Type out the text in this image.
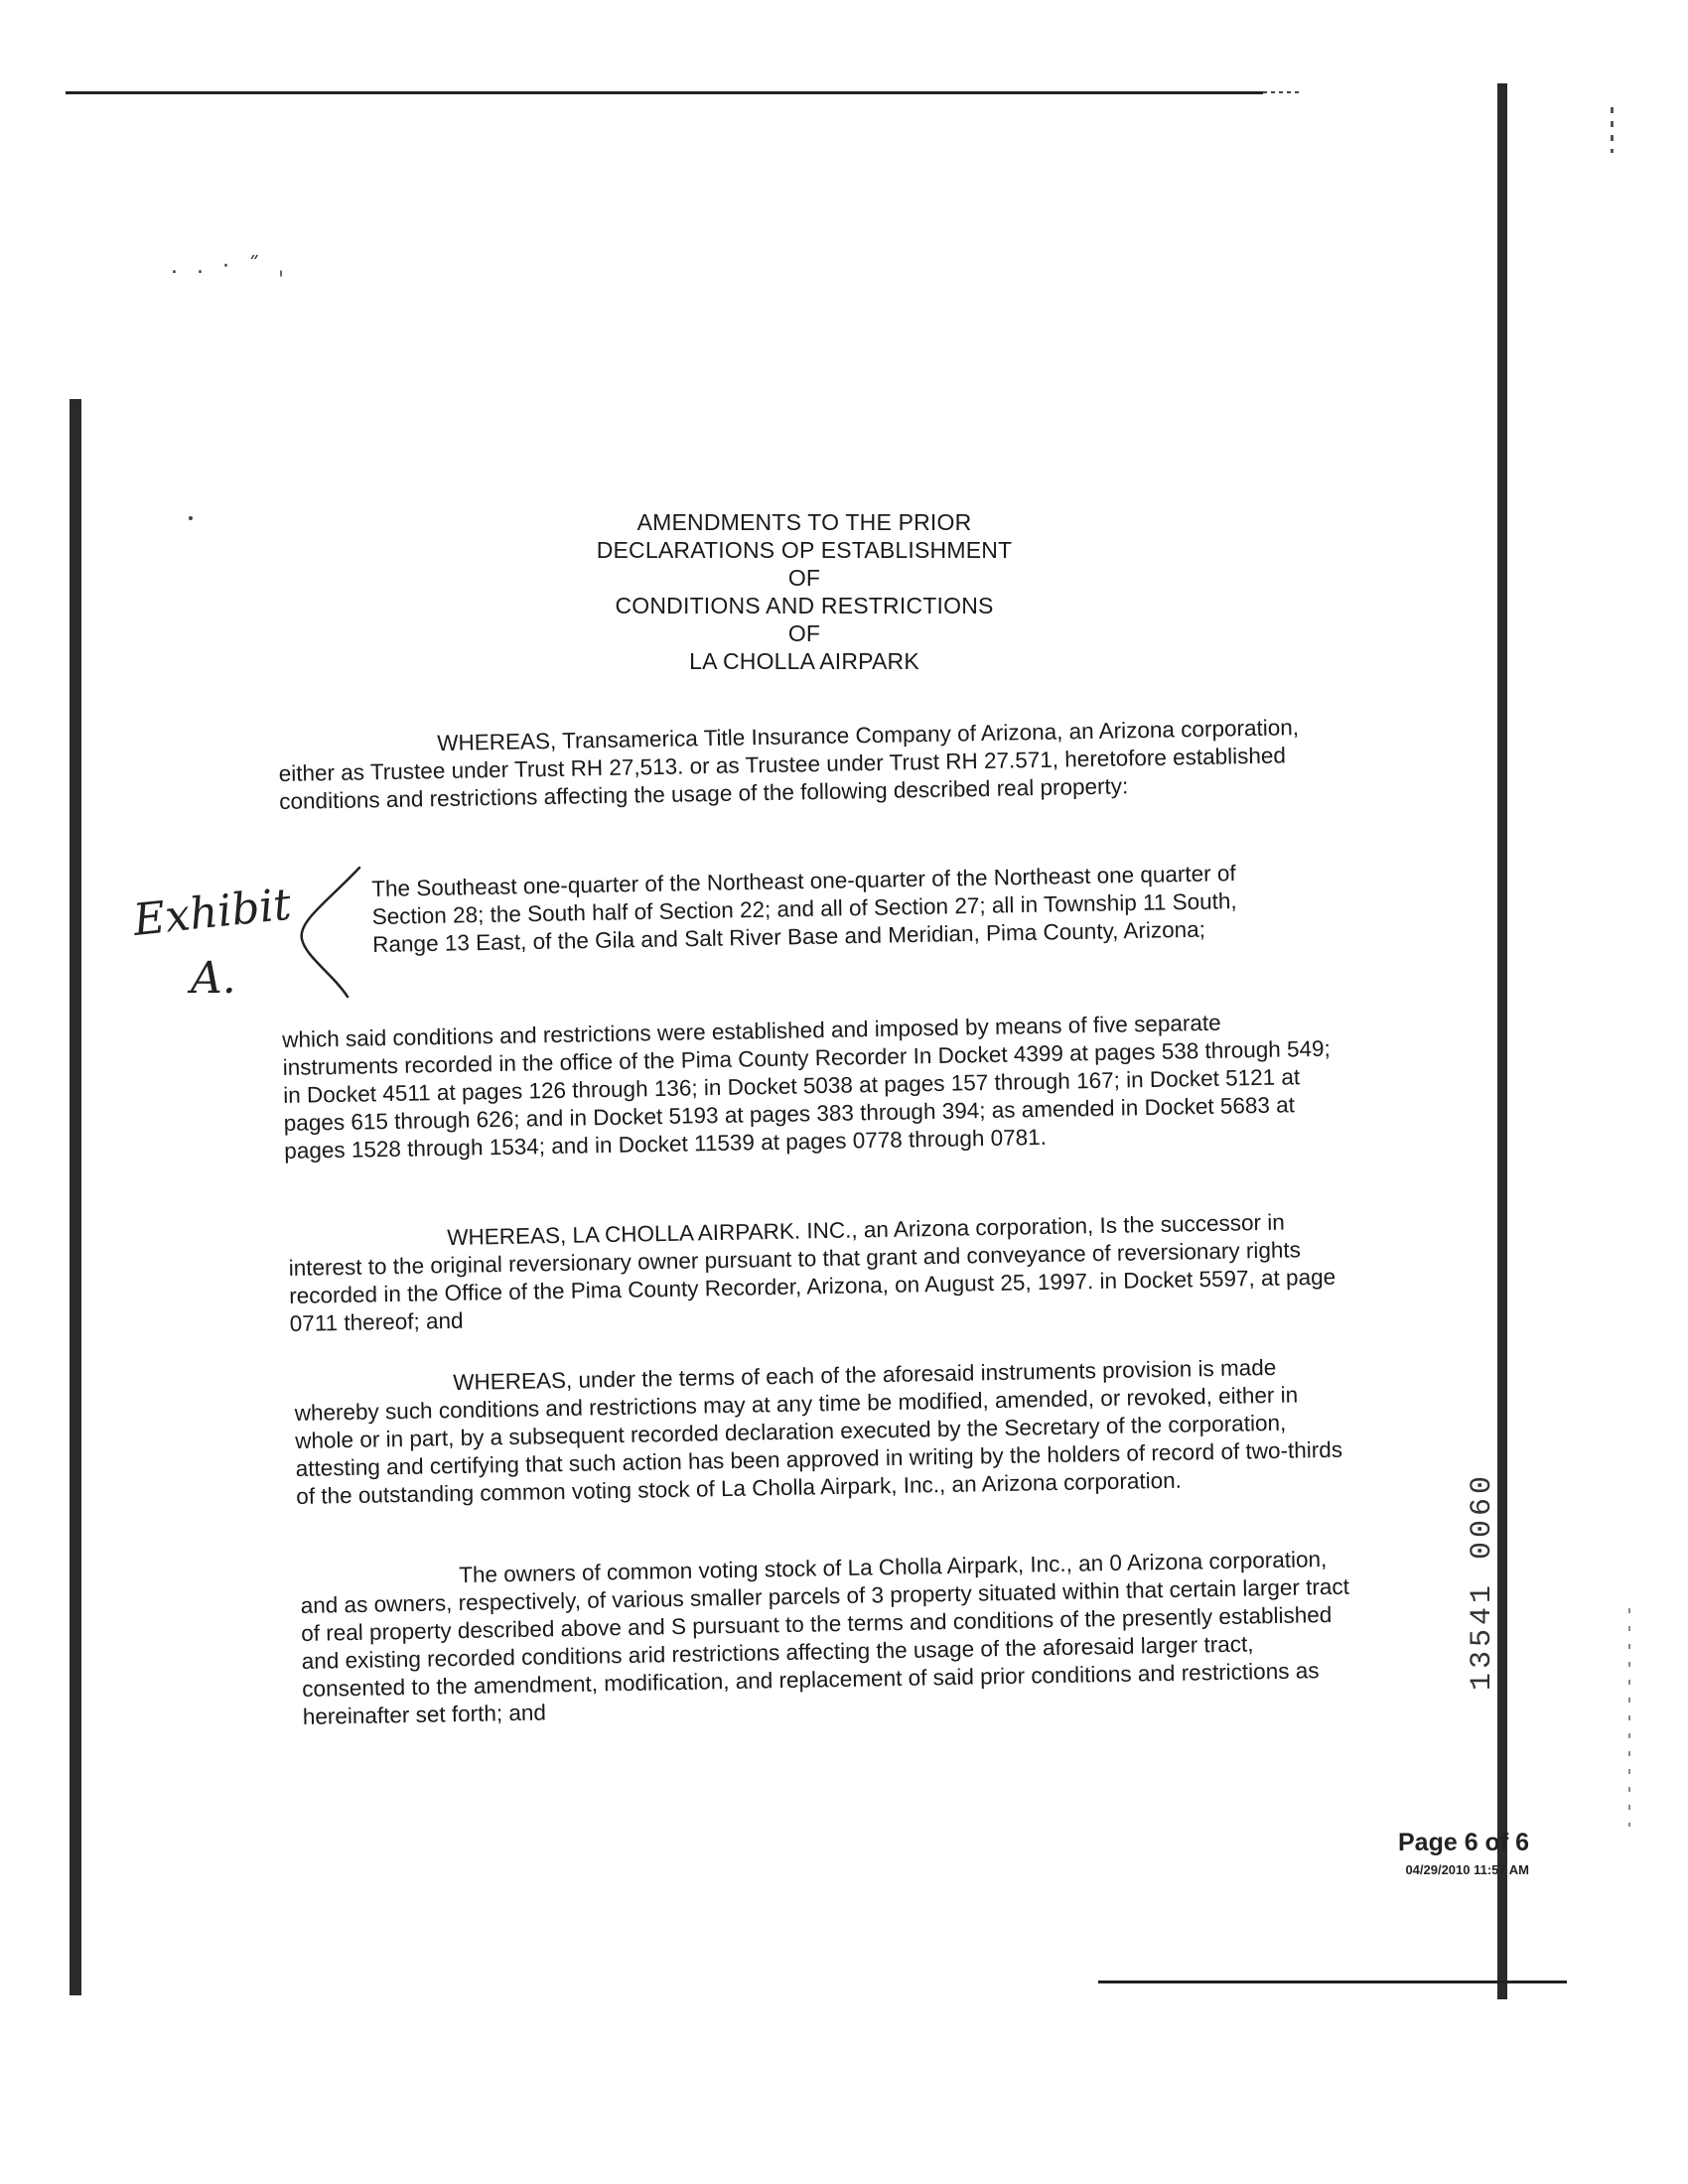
. . · ˝ ˌ
AMENDMENTS TO THE PRIOR
DECLARATIONS OP ESTABLISHMENT
OF
CONDITIONS AND RESTRICTIONS
OF
LA CHOLLA AIRPARK
WHEREAS, Transamerica Title Insurance Company of Arizona, an Arizona corporation, either as Trustee under Trust RH 27,513. or as Trustee under Trust RH 27.571, heretofore established conditions and restrictions affecting the usage of the following described real property:
Exhibit
A.
The Southeast one-quarter of the Northeast one-quarter of the Northeast one quarter of Section 28; the South half of Section 22; and all of Section 27; all in Township 11 South, Range 13 East, of the Gila and Salt River Base and Meridian, Pima County, Arizona;
which said conditions and restrictions were established and imposed by means of five separate instruments recorded in the office of the Pima County Recorder In Docket 4399 at pages 538 through 549; in Docket 4511 at pages 126 through 136; in Docket 5038 at pages 157 through 167; in Docket 5121 at pages 615 through 626; and in Docket 5193 at pages 383 through 394; as amended in Docket 5683 at pages 1528 through 1534; and in Docket 11539 at pages 0778 through 0781.
WHEREAS, LA CHOLLA AIRPARK. INC., an Arizona corporation, Is the successor in interest to the original reversionary owner pursuant to that grant and conveyance of reversionary rights recorded in the Office of the Pima County Recorder, Arizona, on August 25, 1997. in Docket 5597, at page 0711 thereof; and
WHEREAS, under the terms of each of the aforesaid instruments provision is made whereby such conditions and restrictions may at any time be modified, amended, or revoked, either in whole or in part, by a subsequent recorded declaration executed by the Secretary of the corporation, attesting and certifying that such action has been approved in writing by the holders of record of two-thirds of the outstanding common voting stock of La Cholla Airpark, Inc., an Arizona corporation.
The owners of common voting stock of La Cholla Airpark, Inc., an 0 Arizona corporation, and as owners, respectively, of various smaller parcels of 3 property situated within that certain larger tract of real property described above and S pursuant to the terms and conditions of the presently established and existing recorded conditions arid restrictions affecting the usage of the aforesaid larger tract, consented to the amendment, modification, and replacement of said prior conditions and restrictions as hereinafter set forth; and
13541 0060
Page 6 of 6
04/29/2010 11:57 AM
